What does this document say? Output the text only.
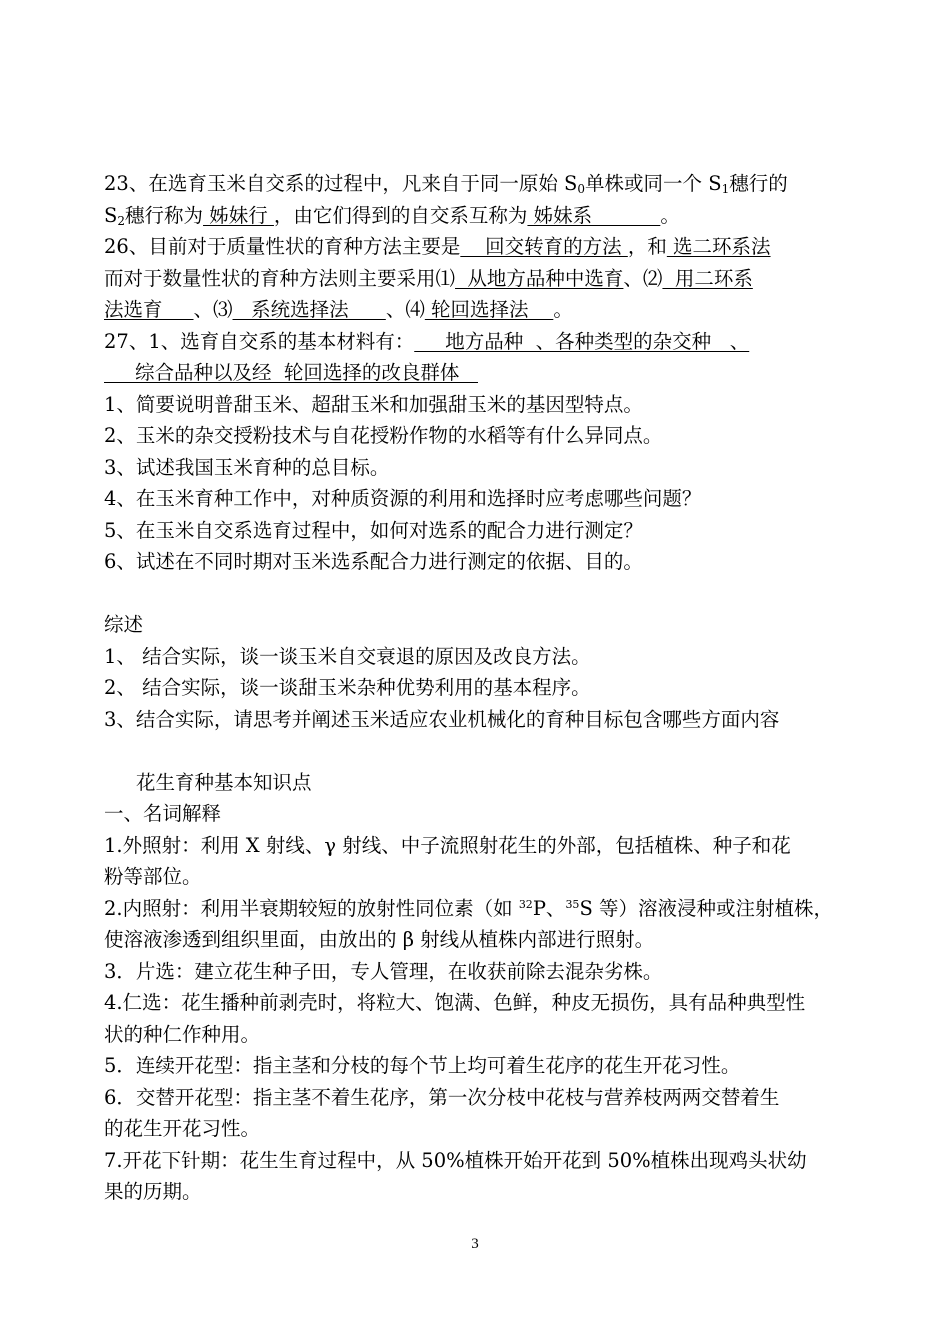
23、在选育玉米自交系的过程中，凡来自于同一原始 $S_0$单株或同一个 $S_1$穗行的

$S_2$穗行称为 姊妹行 ，由它们得到的自交系互称为 姊妹系           。

26、目前对于质量性状的育种方法主要是    回交转育的方法 ，和 选二环系法

而对于数量性状的育种方法则主要采用⑴  从地方品种中选育、⑵  用二环系

法选育     、⑶   系统选择法      、⑷ 轮回选择法    。

27、1、选育自交系的基本材料有：     地方品种  、各种类型的杂交种   、

综合品种以及经  轮回选择的改良群体

1、简要说明普甜玉米、超甜玉米和加强甜玉米的基因型特点。

2、玉米的杂交授粉技术与自花授粉作物的水稻等有什么异同点。

3、试述我国玉米育种的总目标。

4、在玉米育种工作中，对种质资源的利用和选择时应考虑哪些问题？

5、在玉米自交系选育过程中，如何对选系的配合力进行测定？

6、试述在不同时期对玉米选系配合力进行测定的依据、目的。

综述

1、 结合实际，谈一谈玉米自交衰退的原因及改良方法。

2、 结合实际，谈一谈甜玉米杂种优势利用的基本程序。

3、结合实际，请思考并阐述玉米适应农业机械化的育种目标包含哪些方面内容

花生育种基本知识点

一、名词解释

1.外照射：利用 X 射线、γ 射线、中子流照射花生的外部，包括植株、种子和花

粉等部位。

2.内照射：利用半衰期较短的放射性同位素（如 $^{32}$P、$^{35}$S 等）溶液浸种或注射植株，

使溶液渗透到组织里面，由放出的 β 射线从植株内部进行照射。

3．片选：建立花生种子田，专人管理，在收获前除去混杂劣株。

4.仁选：花生播种前剥壳时，将粒大、饱满、色鲜，种皮无损伤，具有品种典型性

状的种仁作种用。

5．连续开花型：指主茎和分枝的每个节上均可着生花序的花生开花习性。

6．交替开花型：指主茎不着生花序，第一次分枝中花枝与营养枝两两交替着生

的花生开花习性。

7.开花下针期：花生生育过程中，从 50%植株开始开花到 50%植株出现鸡头状幼

果的历期。

3
